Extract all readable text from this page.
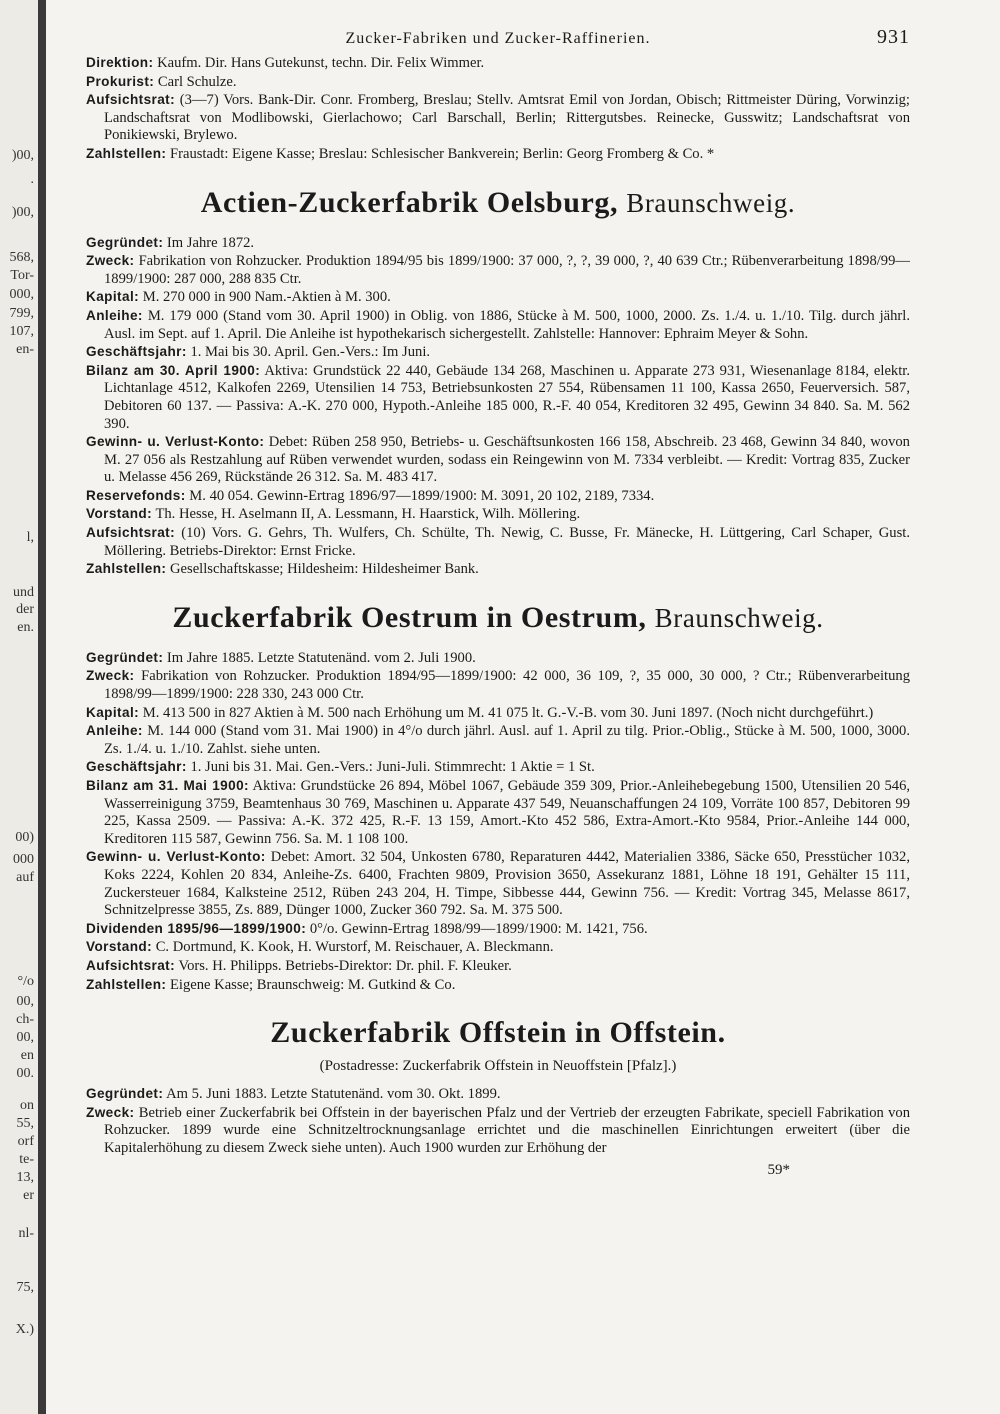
)00,
.
)00,
568,
Tor-
000,
799,
107,
en-
l,
und
der
en.
00)
000
auf
°/o
00,
ch-
00,
en
00.
on
55,
orf
te-
13,
er
nl-
75,
X.)
Zucker-Fabriken und Zucker-Raffinerien.	931

Direktion: Kaufm. Dir. Hans Gutekunst, techn. Dir. Felix Wimmer.

Prokurist: Carl Schulze.

Aufsichtsrat: (3—7) Vors. Bank-Dir. Conr. Fromberg, Breslau; Stellv. Amtsrat Emil von Jordan, Obisch; Rittmeister Düring, Vorwinzig; Landschaftsrat von Modlibowski, Gierlachowo; Carl Barschall, Berlin; Rittergutsbes. Reinecke, Gusswitz; Landschaftsrat von Ponikiewski, Brylewo.

Zahlstellen: Fraustadt: Eigene Kasse; Breslau: Schlesischer Bankverein; Berlin: Georg Fromberg & Co. *

Actien-Zuckerfabrik Oelsburg, Braunschweig.

Gegründet: Im Jahre 1872.

Zweck: Fabrikation von Rohzucker. Produktion 1894/95 bis 1899/1900: 37 000, ?, ?, 39 000, ?, 40 639 Ctr.; Rübenverarbeitung 1898/99—1899/1900: 287 000, 288 835 Ctr.

Kapital: M. 270 000 in 900 Nam.-Aktien à M. 300.

Anleihe: M. 179 000 (Stand vom 30. April 1900) in Oblig. von 1886, Stücke à M. 500, 1000, 2000. Zs. 1./4. u. 1./10. Tilg. durch jährl. Ausl. im Sept. auf 1. April. Die Anleihe ist hypothekarisch sichergestellt. Zahlstelle: Hannover: Ephraim Meyer & Sohn.

Geschäftsjahr: 1. Mai bis 30. April. Gen.-Vers.: Im Juni.

Bilanz am 30. April 1900: Aktiva: Grundstück 22 440, Gebäude 134 268, Maschinen u. Apparate 273 931, Wiesenanlage 8184, elektr. Lichtanlage 4512, Kalkofen 2269, Utensilien 14 753, Betriebsunkosten 27 554, Rübensamen 11 100, Kassa 2650, Feuerversich. 587, Debitoren 60 137. — Passiva: A.-K. 270 000, Hypoth.-Anleihe 185 000, R.-F. 40 054, Kreditoren 32 495, Gewinn 34 840. Sa. M. 562 390.

Gewinn- u. Verlust-Konto: Debet: Rüben 258 950, Betriebs- u. Geschäftsunkosten 166 158, Abschreib. 23 468, Gewinn 34 840, wovon M. 27 056 als Restzahlung auf Rüben verwendet wurden, sodass ein Reingewinn von M. 7334 verbleibt. — Kredit: Vortrag 835, Zucker u. Melasse 456 269, Rückstände 26 312. Sa. M. 483 417.

Reservefonds: M. 40 054. Gewinn-Ertrag 1896/97—1899/1900: M. 3091, 20 102, 2189, 7334.

Vorstand: Th. Hesse, H. Aselmann II, A. Lessmann, H. Haarstick, Wilh. Möllering.

Aufsichtsrat: (10) Vors. G. Gehrs, Th. Wulfers, Ch. Schülte, Th. Newig, C. Busse, Fr. Mänecke, H. Lüttgering, Carl Schaper, Gust. Möllering. Betriebs-Direktor: Ernst Fricke.

Zahlstellen: Gesellschaftskasse; Hildesheim: Hildesheimer Bank.

Zuckerfabrik Oestrum in Oestrum, Braunschweig.

Gegründet: Im Jahre 1885. Letzte Statutenänd. vom 2. Juli 1900.

Zweck: Fabrikation von Rohzucker. Produktion 1894/95—1899/1900: 42 000, 36 109, ?, 35 000, 30 000, ? Ctr.; Rübenverarbeitung 1898/99—1899/1900: 228 330, 243 000 Ctr.

Kapital: M. 413 500 in 827 Aktien à M. 500 nach Erhöhung um M. 41 075 lt. G.-V.-B. vom 30. Juni 1897. (Noch nicht durchgeführt.)

Anleihe: M. 144 000 (Stand vom 31. Mai 1900) in 4°/o durch jährl. Ausl. auf 1. April zu tilg. Prior.-Oblig., Stücke à M. 500, 1000, 3000. Zs. 1./4. u. 1./10. Zahlst. siehe unten.

Geschäftsjahr: 1. Juni bis 31. Mai. Gen.-Vers.: Juni-Juli. Stimmrecht: 1 Aktie = 1 St.

Bilanz am 31. Mai 1900: Aktiva: Grundstücke 26 894, Möbel 1067, Gebäude 359 309, Prior.-Anleihebegebung 1500, Utensilien 20 546, Wasserreinigung 3759, Beamtenhaus 30 769, Maschinen u. Apparate 437 549, Neuanschaffungen 24 109, Vorräte 100 857, Debitoren 99 225, Kassa 2509. — Passiva: A.-K. 372 425, R.-F. 13 159, Amort.-Kto 452 586, Extra-Amort.-Kto 9584, Prior.-Anleihe 144 000, Kreditoren 115 587, Gewinn 756. Sa. M. 1 108 100.

Gewinn- u. Verlust-Konto: Debet: Amort. 32 504, Unkosten 6780, Reparaturen 4442, Materialien 3386, Säcke 650, Presstücher 1032, Koks 2224, Kohlen 20 834, Anleihe-Zs. 6400, Frachten 9809, Provision 3650, Assekuranz 1881, Löhne 18 191, Gehälter 15 111, Zuckersteuer 1684, Kalksteine 2512, Rüben 243 204, H. Timpe, Sibbesse 444, Gewinn 756. — Kredit: Vortrag 345, Melasse 8617, Schnitzelpresse 3855, Zs. 889, Dünger 1000, Zucker 360 792. Sa. M. 375 500.

Dividenden 1895/96—1899/1900: 0°/o. Gewinn-Ertrag 1898/99—1899/1900: M. 1421, 756.

Vorstand: C. Dortmund, K. Kook, H. Wurstorf, M. Reischauer, A. Bleckmann.

Aufsichtsrat: Vors. H. Philipps. Betriebs-Direktor: Dr. phil. F. Kleuker.

Zahlstellen: Eigene Kasse; Braunschweig: M. Gutkind & Co.

Zuckerfabrik Offstein in Offstein.
(Postadresse: Zuckerfabrik Offstein in Neuoffstein [Pfalz].)

Gegründet: Am 5. Juni 1883. Letzte Statutenänd. vom 30. Okt. 1899.

Zweck: Betrieb einer Zuckerfabrik bei Offstein in der bayerischen Pfalz und der Vertrieb der erzeugten Fabrikate, speciell Fabrikation von Rohzucker. 1899 wurde eine Schnitzeltrocknungsanlage errichtet und die maschinellen Einrichtungen erweitert (über die Kapitalerhöhung zu diesem Zweck siehe unten). Auch 1900 wurden zur Erhöhung der

59*
